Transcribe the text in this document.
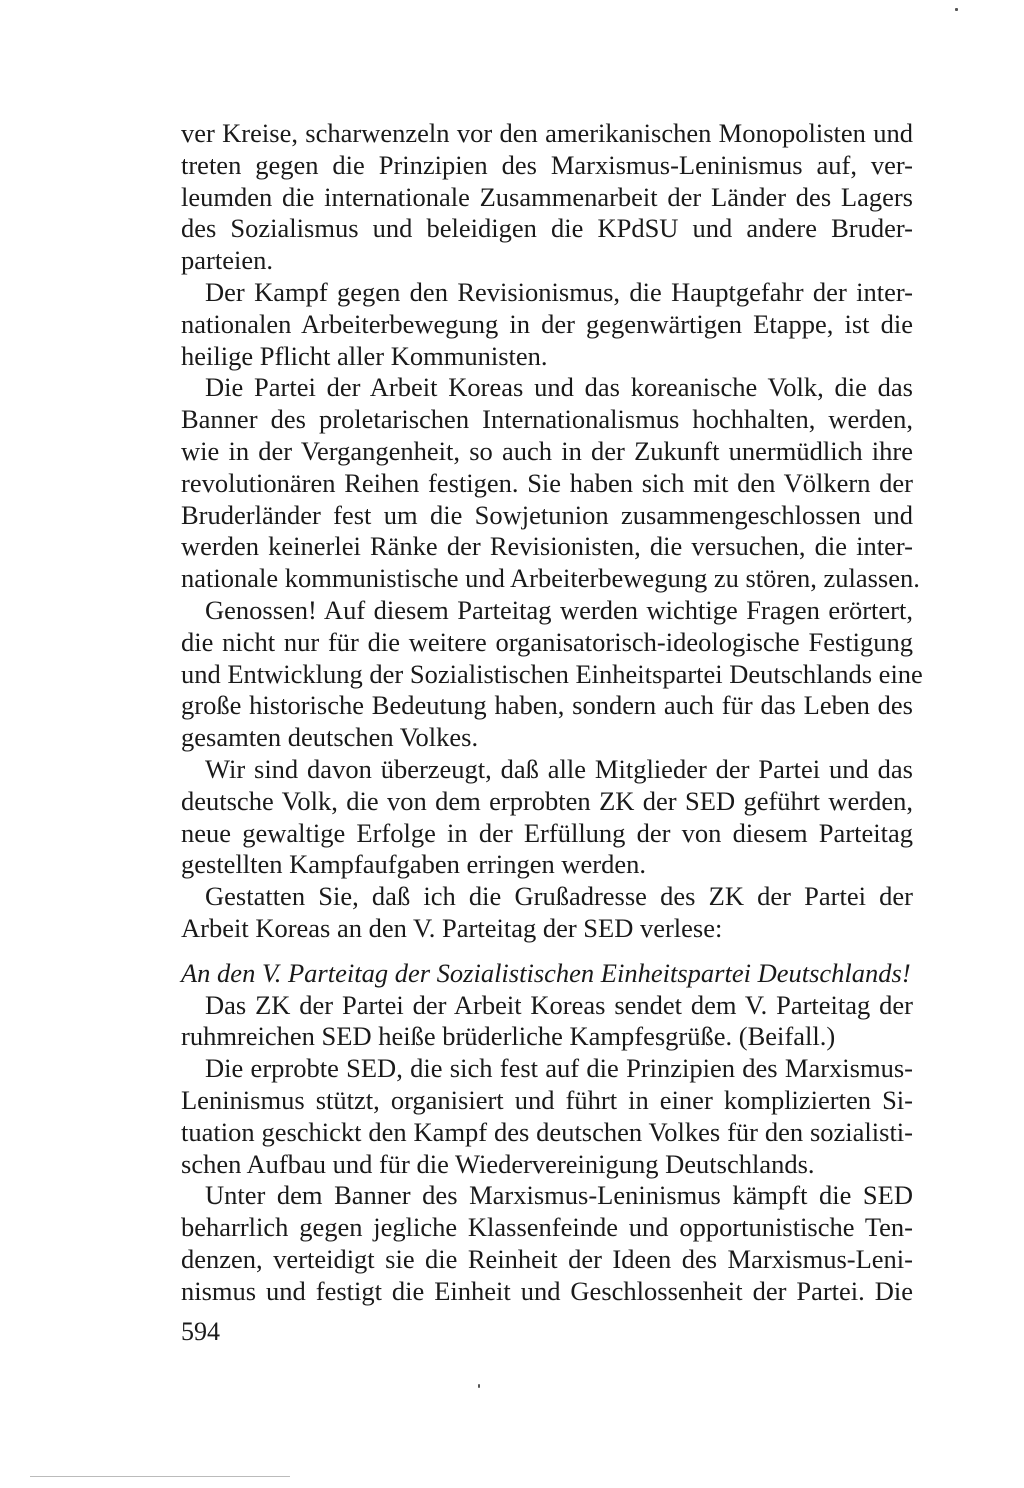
ver Kreise, scharwenzeln vor den amerikanischen Monopolisten und
treten gegen die Prinzipien des Marxismus-Leninismus auf, ver-
leumden die internationale Zusammenarbeit der Länder des Lagers
des Sozialismus und beleidigen die KPdSU und andere Bruder-
parteien.
Der Kampf gegen den Revisionismus, die Hauptgefahr der inter-
nationalen Arbeiterbewegung in der gegenwärtigen Etappe, ist die
heilige Pflicht aller Kommunisten.
Die Partei der Arbeit Koreas und das koreanische Volk, die das
Banner des proletarischen Internationalismus hochhalten, werden,
wie in der Vergangenheit, so auch in der Zukunft unermüdlich ihre
revolutionären Reihen festigen. Sie haben sich mit den Völkern der
Bruderländer fest um die Sowjetunion zusammengeschlossen und
werden keinerlei Ränke der Revisionisten, die versuchen, die inter-
nationale kommunistische und Arbeiterbewegung zu stören, zulassen.
Genossen! Auf diesem Parteitag werden wichtige Fragen erörtert,
die nicht nur für die weitere organisatorisch-ideologische Festigung
und Entwicklung der Sozialistischen Einheitspartei Deutschlands eine
große historische Bedeutung haben, sondern auch für das Leben des
gesamten deutschen Volkes.
Wir sind davon überzeugt, daß alle Mitglieder der Partei und das
deutsche Volk, die von dem erprobten ZK der SED geführt werden,
neue gewaltige Erfolge in der Erfüllung der von diesem Parteitag
gestellten Kampfaufgaben erringen werden.
Gestatten Sie, daß ich die Grußadresse des ZK der Partei der
Arbeit Koreas an den V. Parteitag der SED verlese:
An den V. Parteitag der Sozialistischen Einheitspartei Deutschlands!
Das ZK der Partei der Arbeit Koreas sendet dem V. Parteitag der
ruhmreichen SED heiße brüderliche Kampfesgrüße. (Beifall.)
Die erprobte SED, die sich fest auf die Prinzipien des Marxismus-
Leninismus stützt, organisiert und führt in einer komplizierten Si-
tuation geschickt den Kampf des deutschen Volkes für den sozialisti-
schen Aufbau und für die Wiedervereinigung Deutschlands.
Unter dem Banner des Marxismus-Leninismus kämpft die SED
beharrlich gegen jegliche Klassenfeinde und opportunistische Ten-
denzen, verteidigt sie die Reinheit der Ideen des Marxismus-Leni-
nismus und festigt die Einheit und Geschlossenheit der Partei. Die
594
